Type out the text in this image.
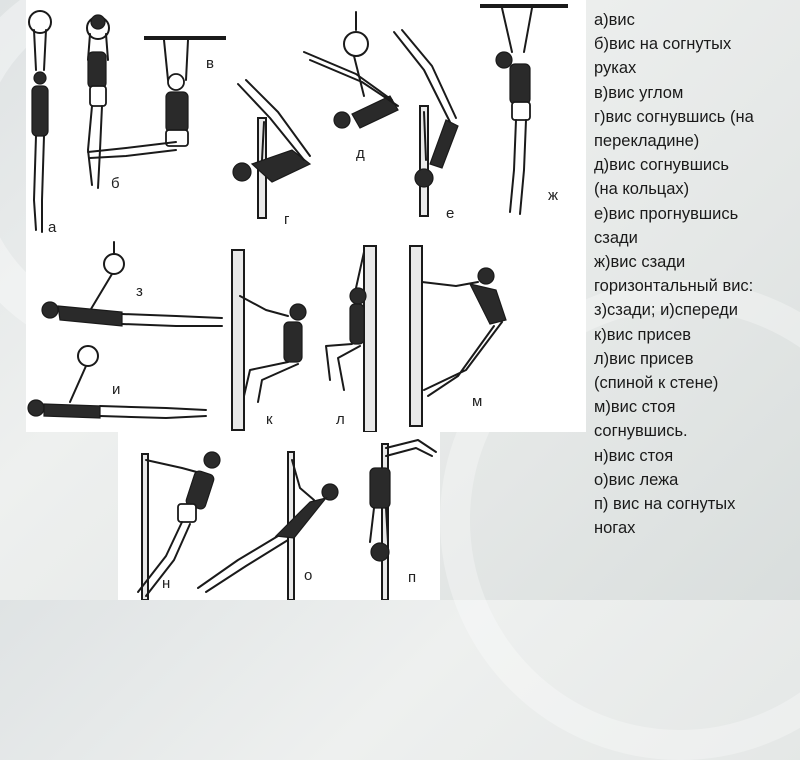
а
б
в
г
д
е
ж
з
и
к	л
м
н	о	п
а)вис
б)вис на согнутых
руках
в)вис углом
г)вис согнувшись (на
перекладине)
д)вис согнувшись
(на кольцах)
е)вис прогнувшись
сзади
ж)вис сзади
горизонтальный вис:
з)сзади; и)спереди
к)вис присев
л)вис присев
(спиной к стене)
м)вис стоя
согнувшись.
н)вис стоя
о)вис лежа
п) вис на согнутых
ногах
